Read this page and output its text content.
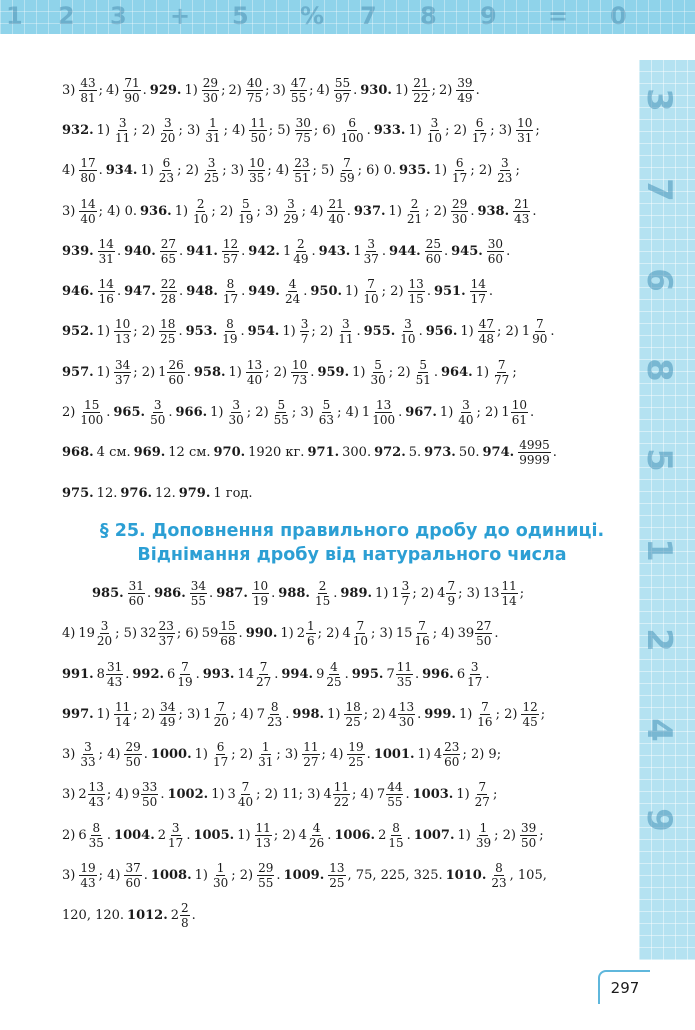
1 2 3 + 5 % 7 8 9 = 0
3
7
6
8
5
1
2
4
9
$3) \frac{43}{81}$ ; $4) \frac{71}{90}$ . 929. $1) \frac{29}{30}$ ; $2) \frac{40}{75}$ ; $3) \frac{47}{55}$ ; $4) \frac{55}{97}$ . 930. $1) \frac{21}{22}$ ; $2) \frac{39}{49}$ .
932. $1) \frac{3}{11}$ ; $2) \frac{3}{20}$ ; $3) \frac{1}{31}$ ; $4) \frac{11}{50}$ ; $5) \frac{30}{75}$ ; $6) \frac{6}{100}$ . 933. $1) \frac{3}{10}$ ; $2) \frac{6}{17}$ ; $3) \frac{10}{31}$ ;
$4) \frac{17}{80}$ . 934. $1) \frac{6}{23}$ ; $2) \frac{3}{25}$ ; $3) \frac{10}{35}$ ; $4) \frac{23}{51}$ ; $5) \frac{7}{59}$ ; 6) 0. 935. $1) \frac{6}{17}$ ; $2) \frac{3}{23}$ ;
$3) \frac{14}{40}$ ; 4) 0. 936. $1) \frac{2}{10}$ ; $2) \frac{5}{19}$ ; $3) \frac{3}{29}$ ; $4) \frac{21}{40}$ . 937. $1) \frac{2}{21}$ ; $2) \frac{29}{30}$ . 938. $\frac{21}{43}$ .
939. $\frac{14}{31}$ . 940. $\frac{27}{65}$ . 941. $\frac{12}{57}$ . 942. $1 \frac{2}{49}$ . 943. $1 \frac{3}{37}$ . 944. $\frac{25}{60}$ . 945. $\frac{30}{60}$ .
946. $\frac{14}{16}$ . 947. $\frac{22}{28}$ . 948. $\frac{8}{17}$ . 949. $\frac{4}{24}$ . 950. $1) \frac{7}{10}$ ; $2) \frac{13}{15}$ . 951. $\frac{14}{17}$ .
952. $1) \frac{10}{13}$ ; $2) \frac{18}{25}$ . 953. $\frac{8}{19}$ . 954. $1) \frac{3}{7}$ ; $2) \frac{3}{11}$ . 955. $\frac{3}{10}$ . 956. $1) \frac{47}{48}$ ; 2) $1 \frac{7}{90}$ .
957. $1) \frac{34}{37}$ ; 2) $1 \frac{26}{60}$ . 958. $1) \frac{13}{40}$ ; $2) \frac{10}{73}$ . 959. $1) \frac{5}{30}$ ; $2) \frac{5}{51}$ . 964. $1) \frac{7}{77}$ ;
$2) \frac{15}{100}$ . 965. $\frac{3}{50}$ . 966. $1) \frac{3}{30}$ ; $2) \frac{5}{55}$ ; $3) \frac{5}{63}$ ; 4) $1 \frac{13}{100}$ . 967. $1) \frac{3}{40}$ ; 2) $1 \frac{10}{61}$ .
968. 4 см. 969. 12 см. 970. 1920 кг. 971. 300. 972. 5. 973. 50. 974. $\frac{4995}{9999}$ .
975. 12. 976. 12. 979. 1 год.
§ 25. Доповнення правильного дробу до одиниці.
Віднімання дробу від натурального числа
985. $\frac{31}{60}$ . 986. $\frac{34}{55}$ . 987. $\frac{10}{19}$ . 988. $\frac{2}{15}$ . 989. 1) $1 \frac{3}{7}$ ; 2) $4 \frac{7}{9}$ ; 3) $13 \frac{11}{14}$ ;
4) $19 \frac{3}{20}$ ; 5) $32 \frac{23}{37}$ ; 6) $59 \frac{15}{68}$ . 990. 1) $2 \frac{1}{6}$ ; 2) $4 \frac{7}{10}$ ; 3) $15 \frac{7}{16}$ ; 4) $39 \frac{27}{50}$ .
991. $8 \frac{31}{43}$ . 992. $6 \frac{7}{19}$ . 993. $14 \frac{7}{27}$ . 994. $9 \frac{4}{25}$ . 995. $7 \frac{11}{35}$ . 996. $6 \frac{3}{17}$ .
997. $1) \frac{11}{14}$ ; $2) \frac{34}{49}$ ; 3) $1 \frac{7}{20}$ ; 4) $7 \frac{8}{23}$ . 998. $1) \frac{18}{25}$ ; 2) $4 \frac{13}{30}$ . 999. $1) \frac{7}{16}$ ; $2) \frac{12}{45}$ ;
$3) \frac{3}{33}$ ; $4) \frac{29}{50}$ . 1000. $1) \frac{6}{17}$ ; $2) \frac{1}{31}$ ; $3) \frac{11}{27}$ ; $4) \frac{19}{25}$ . 1001. 1) $4 \frac{23}{60}$ ; 2) 9;
3) $2 \frac{13}{43}$ ; 4) $9 \frac{33}{50}$ . 1002. 1) $3 \frac{7}{40}$ ; 2) 11; 3) $4 \frac{11}{22}$ ; 4) $7 \frac{44}{55}$ . 1003. $1) \frac{7}{27}$ ;
2) $6 \frac{8}{35}$ . 1004. $2 \frac{3}{17}$ . 1005. $1) \frac{11}{13}$ ; 2) $4 \frac{4}{26}$ . 1006. $2 \frac{8}{15}$ . 1007. $1) \frac{1}{39}$ ; $2) \frac{39}{50}$ ;
$3) \frac{19}{43}$ ; $4) \frac{37}{60}$ . 1008. $1) \frac{1}{30}$ ; $2) \frac{29}{55}$ . 1009. $\frac{13}{25}$ , 75, 225, 325. 1010. $\frac{8}{23}$ , 105,
120, 120. 1012. $2 \frac{2}{8}$ .
297
